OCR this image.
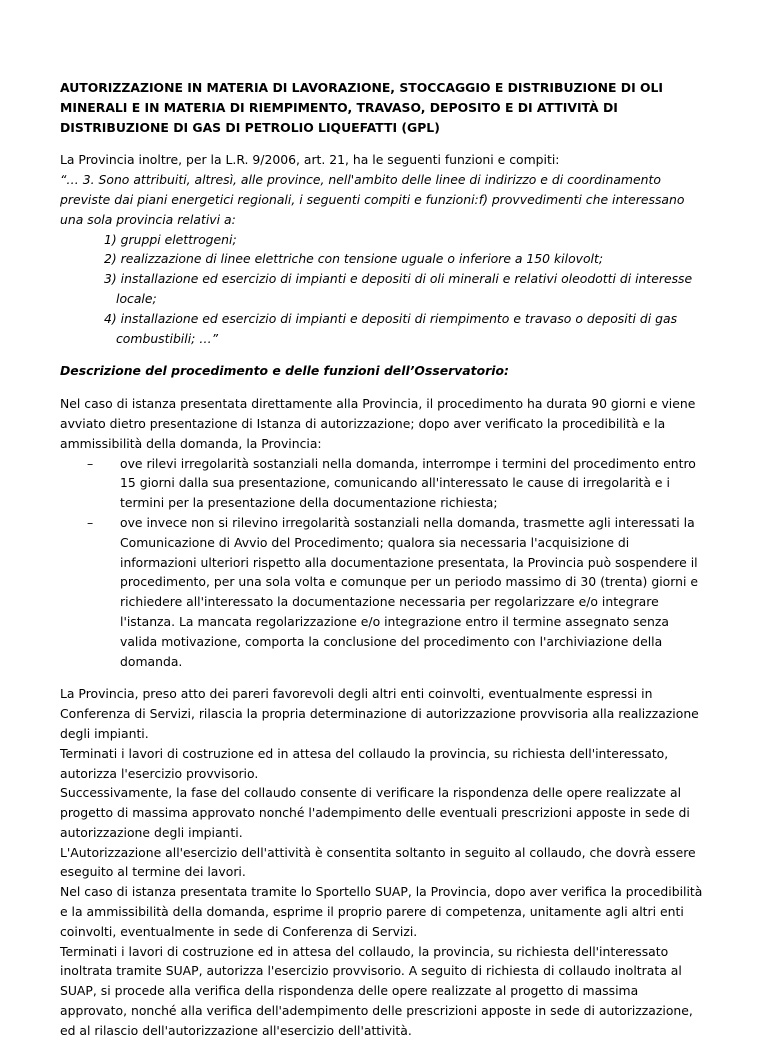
AUTORIZZAZIONE IN MATERIA DI LAVORAZIONE, STOCCAGGIO E DISTRIBUZIONE DI OLI MINERALI E IN MATERIA DI RIEMPIMENTO, TRAVASO, DEPOSITO E DI ATTIVITÀ DI DISTRIBUZIONE DI GAS DI PETROLIO LIQUEFATTI (GPL)

La Provincia inoltre, per la L.R. 9/2006, art. 21, ha le seguenti funzioni e compiti:

“… 3. Sono attribuiti, altresì, alle province, nell'ambito delle linee di indirizzo e di coordinamento previste dai piani energetici regionali, i seguenti compiti e funzioni:f) provvedimenti che interessano una sola provincia relativi a:

1) gruppi elettrogeni;
2) realizzazione di linee elettriche con tensione uguale o inferiore a 150 kilovolt;
3) installazione ed esercizio di impianti e depositi di oli minerali e relativi oleodotti di interesse locale;
4) installazione ed esercizio di impianti e depositi di riempimento e travaso o depositi di gas combustibili; …”
Descrizione del procedimento e delle funzioni dell’Osservatorio:

Nel caso di istanza presentata direttamente alla Provincia, il procedimento ha durata 90 giorni e viene avviato dietro presentazione di Istanza di autorizzazione; dopo aver verificato la procedibilità e la ammissibilità della domanda, la Provincia:

– ove rilevi irregolarità sostanziali nella domanda, interrompe i termini del procedimento entro 15 giorni dalla sua presentazione, comunicando all'interessato le cause di irregolarità e i termini per la presentazione della documentazione richiesta;
– ove invece non si rilevino irregolarità sostanziali nella domanda, trasmette agli interessati la Comunicazione di Avvio del Procedimento; qualora sia necessaria l'acquisizione di informazioni ulteriori rispetto alla documentazione presentata, la Provincia può sospendere il procedimento, per una sola volta e comunque per un periodo massimo di 30 (trenta) giorni e richiedere all'interessato la documentazione necessaria per regolarizzare e/o integrare l'istanza. La mancata regolarizzazione e/o integrazione entro il termine assegnato senza valida motivazione, comporta la conclusione del procedimento con l'archiviazione della domanda.

La Provincia, preso atto dei pareri favorevoli degli altri enti coinvolti, eventualmente espressi in Conferenza di Servizi, rilascia la propria determinazione di autorizzazione provvisoria alla realizzazione degli impianti.

Terminati i lavori di costruzione ed in attesa del collaudo la provincia, su richiesta dell'interessato, autorizza l'esercizio provvisorio.

Successivamente, la fase del collaudo consente di verificare la rispondenza delle opere realizzate al progetto di massima approvato nonché l'adempimento delle eventuali prescrizioni apposte in sede di autorizzazione degli impianti.

L'Autorizzazione all'esercizio dell'attività è consentita soltanto in seguito al collaudo, che dovrà essere eseguito al termine dei lavori.

Nel caso di istanza presentata tramite lo Sportello SUAP, la Provincia, dopo aver verifica la procedibilità e la ammissibilità della domanda, esprime il proprio parere di competenza, unitamente agli altri enti coinvolti, eventualmente in sede di Conferenza di Servizi.

Terminati i lavori di costruzione ed in attesa del collaudo, la provincia, su richiesta dell'interessato inoltrata tramite SUAP, autorizza l'esercizio provvisorio. A seguito di richiesta di collaudo inoltrata al SUAP, si procede alla verifica della rispondenza delle opere realizzate al progetto di massima approvato, nonché alla verifica dell'adempimento delle prescrizioni apposte in sede di autorizzazione, ed al rilascio dell'autorizzazione all'esercizio dell'attività.
